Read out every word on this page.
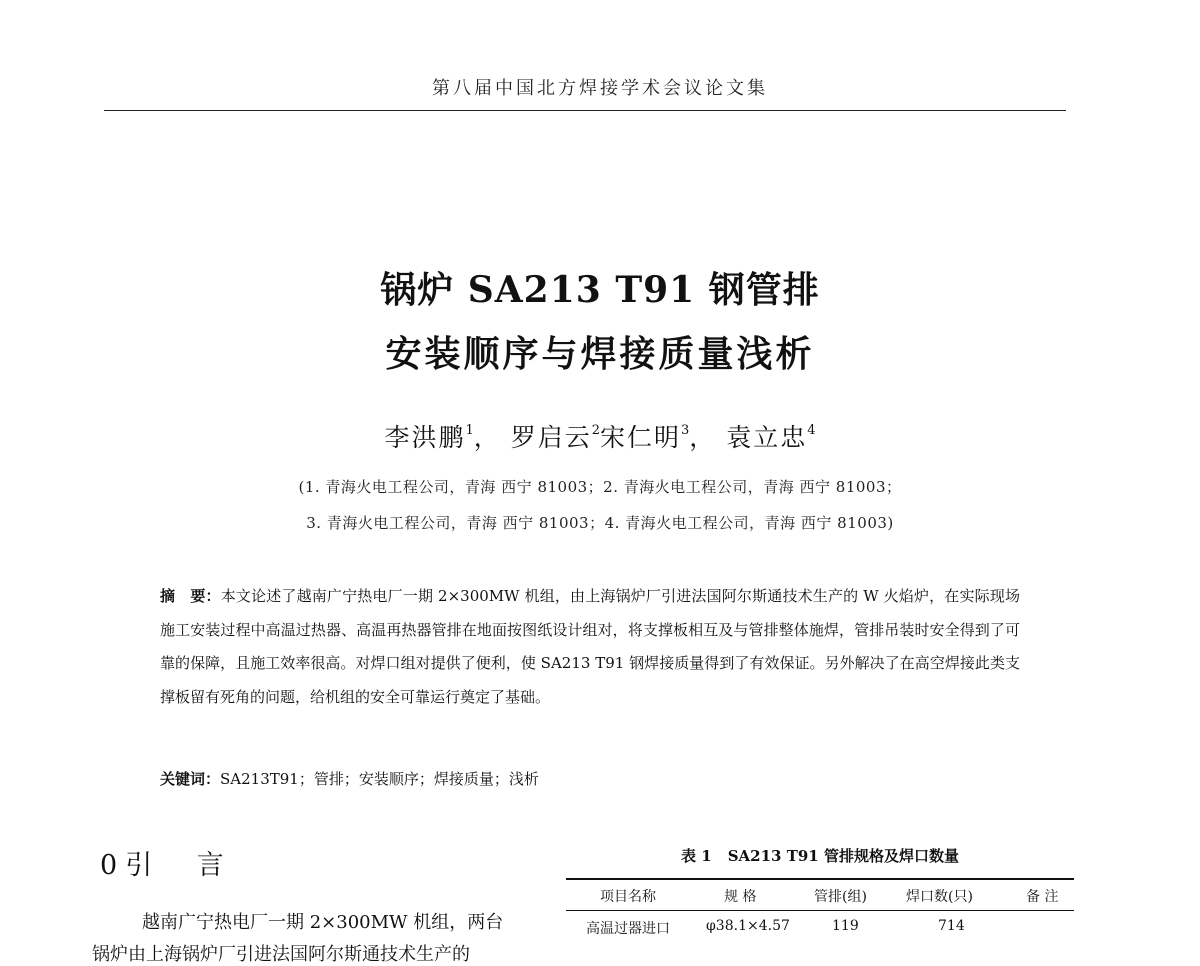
第八届中国北方焊接学术会议论文集
锅炉 SA213 T91 钢管排
安装顺序与焊接质量浅析
李洪鹏$^1$， 罗启云$^2$宋仁明$^3$， 袁立忠$^4$
(1. 青海火电工程公司，青海 西宁 81003；2. 青海火电工程公司，青海 西宁 81003；
3. 青海火电工程公司，青海 西宁 81003；4. 青海火电工程公司，青海 西宁 81003)
摘　要：本文论述了越南广宁热电厂一期 2×300MW 机组，由上海锅炉厂引进法国阿尔斯通技术生产的 W 火焰炉，在实际现场施工安装过程中高温过热器、高温再热器管排在地面按图纸设计组对，将支撑板相互及与管排整体施焊，管排吊装时安全得到了可靠的保障，且施工效率很高。对焊口组对提供了便利，使 SA213 T91 钢焊接质量得到了有效保证。另外解决了在高空焊接此类支撑板留有死角的问题，给机组的安全可靠运行奠定了基础。
关键词：SA213T91；管排；安装顺序；焊接质量；浅析
0 引 言
越南广宁热电厂一期 2×300MW 机组，两台
锅炉由上海锅炉厂引进法国阿尔斯通技术生产的
表 1 SA213 T91 管排规格及焊口数量
项目名称	规 格	管排(组)	焊口数(只)	备 注
高温过器进口	φ38.1×4.57	119	714
